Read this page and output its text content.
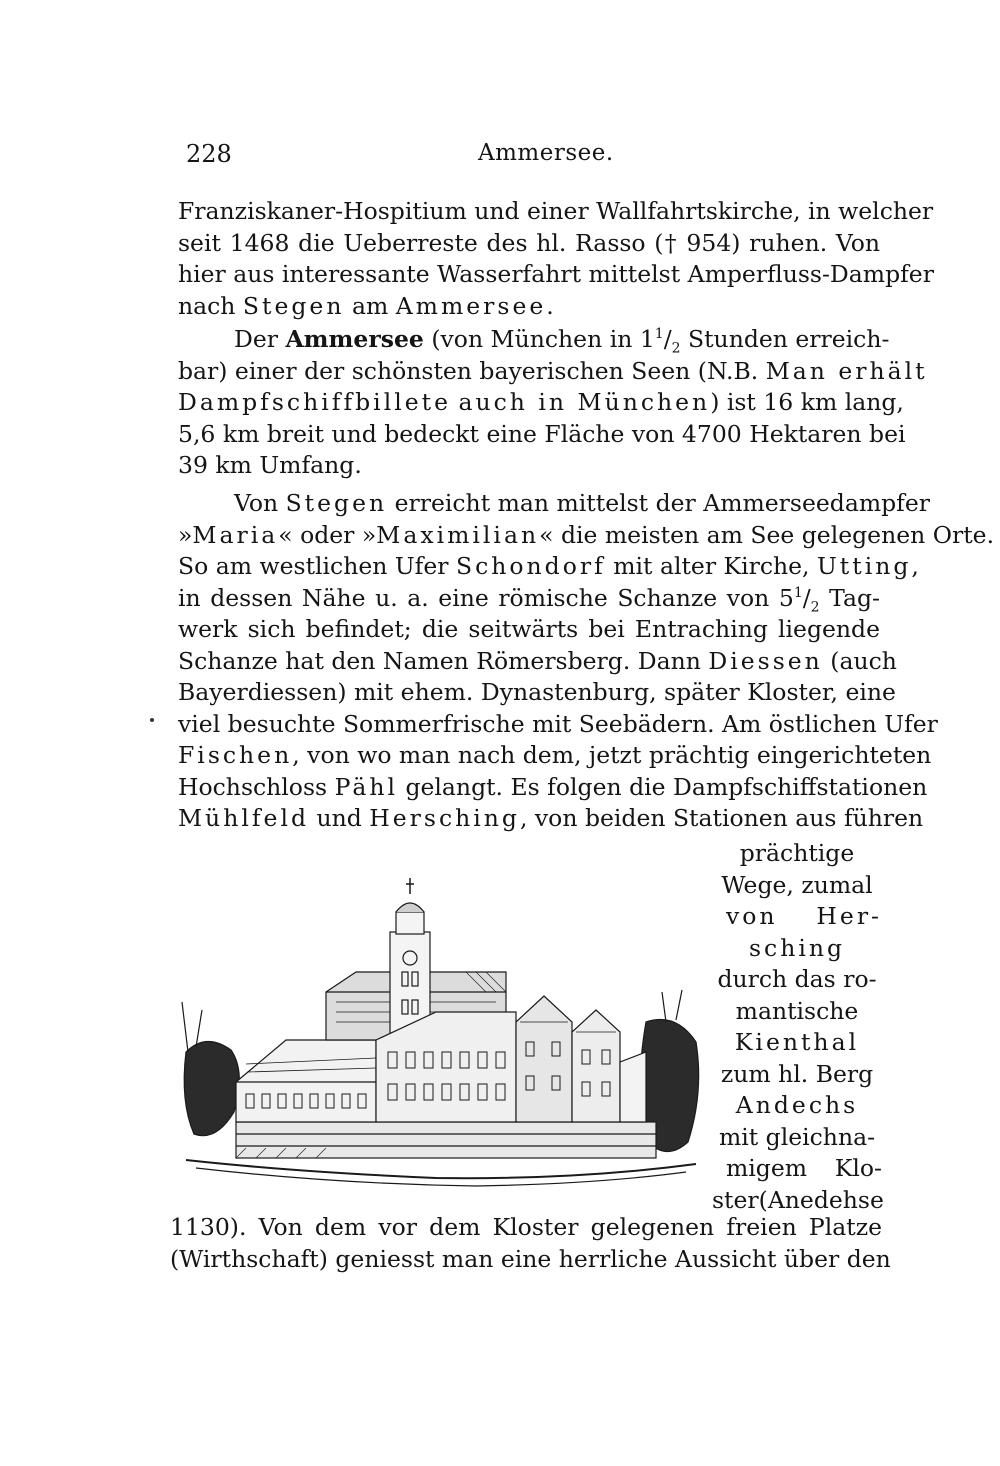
228	Ammersee.
Franziskaner-Hospitium und einer Wallfahrtskirche, in welcher
seit 1468 die Ueberreste des hl. Rasso († 954) ruhen. Von
hier aus interessante Wasserfahrt mittelst Amperfluss-Dampfer
nach Stegen am Ammersee.
Der Ammersee (von München in $1^1/_2$ Stunden erreich-
bar) einer der schönsten bayerischen Seen (N.B. Man erhält
Dampfschiffbillete auch in München) ist 16 km lang,
5,6 km breit und bedeckt eine Fläche von 4700 Hektaren bei
39 km Umfang.
Von Stegen erreicht man mittelst der Ammerseedampfer
»Maria« oder »Maximilian« die meisten am See gelegenen Orte.
So am westlichen Ufer Schondorf mit alter Kirche, Utting,
in dessen Nähe u. a. eine römische Schanze von $5^1/_2$ Tag-
werk sich befindet; die seitwärts bei Entraching liegende
Schanze hat den Namen Römersberg. Dann Diessen (auch
Bayerdiessen) mit ehem. Dynastenburg, später Kloster, eine
viel besuchte Sommerfrische mit Seebädern. Am östlichen Ufer
Fischen, von wo man nach dem, jetzt prächtig eingerichteten
Hochschloss Pähl gelangt. Es folgen die Dampfschiffstationen
Mühlfeld und Hersching, von beiden Stationen aus führen
prächtige
Wege, zumal
von Her-
sching
durch das ro-
mantische
Kienthal
zum hl. Berg
Andechs
mit gleichna-
migem Klo-
ster(Anedehse
1130). Von dem vor dem Kloster gelegenen freien Platze
(Wirthschaft) geniesst man eine herrliche Aussicht über den
